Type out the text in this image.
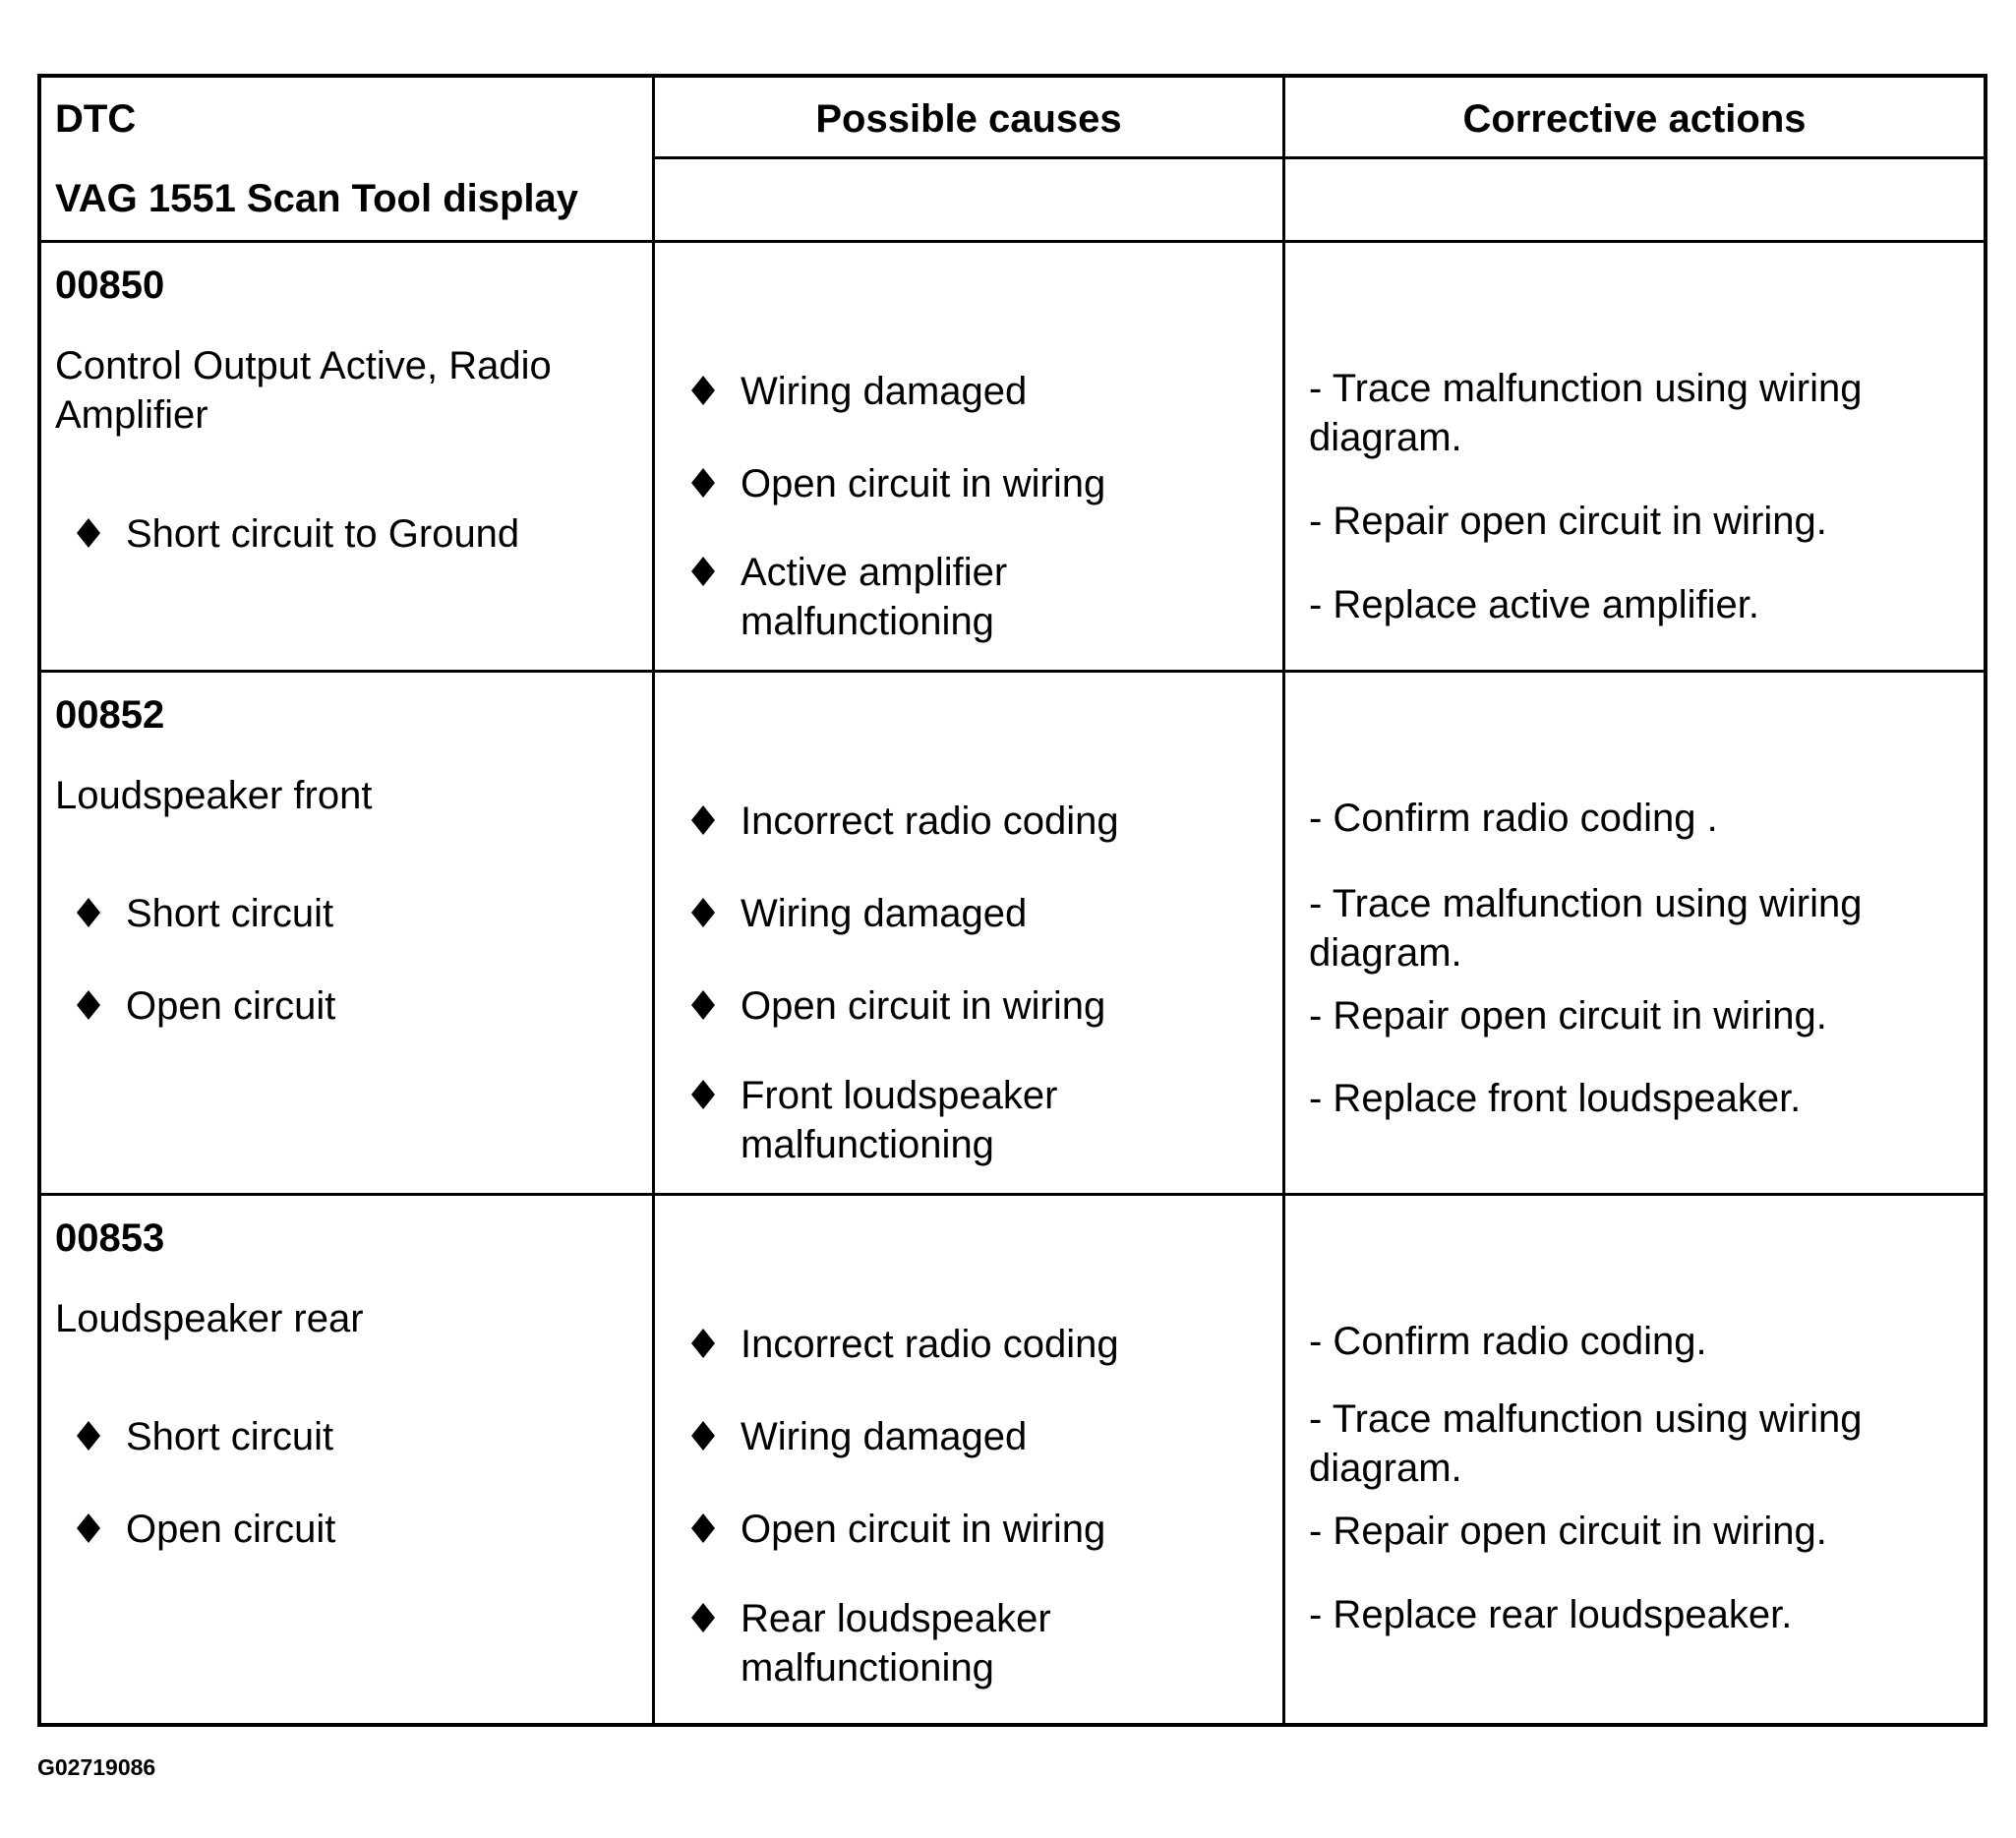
DTC
VAG 1551 Scan Tool display
Possible causes	Corrective actions
00850
Control Output Active, Radio Amplifier
Short circuit to Ground
Wiring damaged
Open circuit in wiring
Active amplifier malfunctioning
- Trace malfunction using wiring diagram.
- Repair open circuit in wiring.
- Replace active amplifier.
00852
Loudspeaker front
Short circuit
Open circuit
Incorrect radio coding
Wiring damaged
Open circuit in wiring
Front loudspeaker malfunctioning
- Confirm radio coding .
- Trace malfunction using wiring diagram.
- Repair open circuit in wiring.
- Replace front loudspeaker.
00853
Loudspeaker rear
Short circuit
Open circuit
Incorrect radio coding
Wiring damaged
Open circuit in wiring
Rear loudspeaker malfunctioning
- Confirm radio coding.
- Trace malfunction using wiring diagram.
- Repair open circuit in wiring.
- Replace rear loudspeaker.
G02719086
